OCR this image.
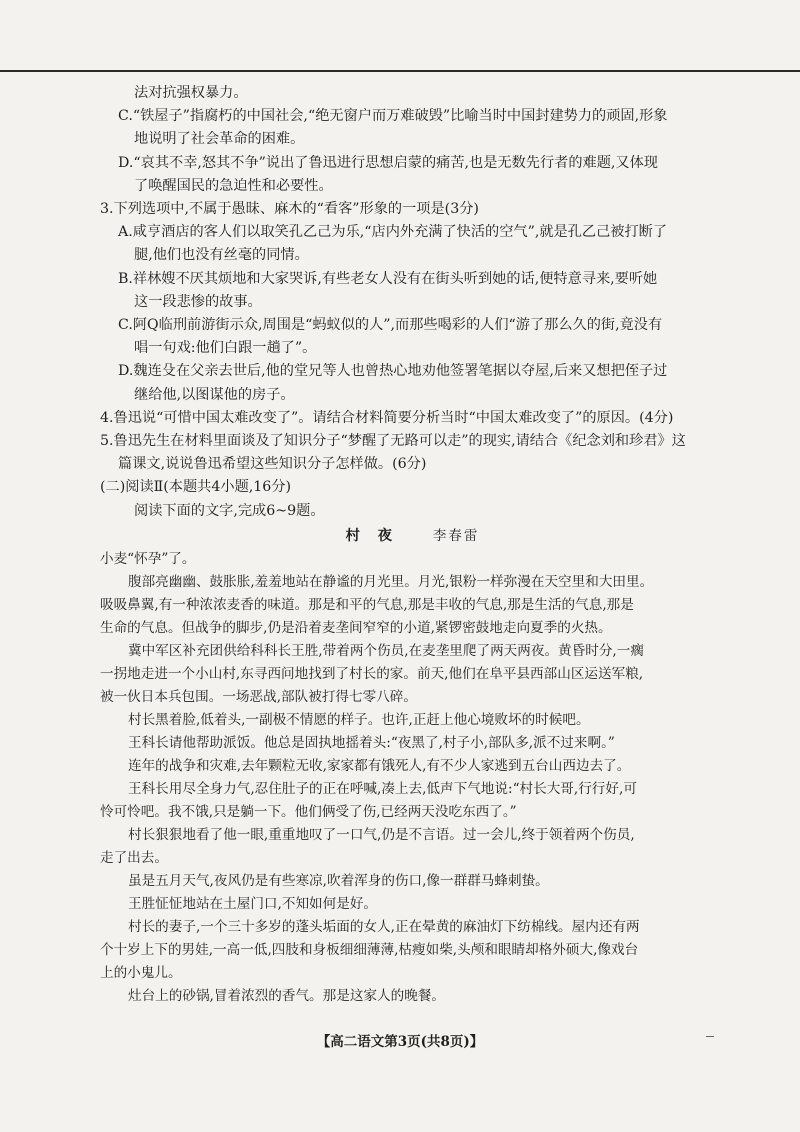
法对抗强权暴力。
C.“铁屋子”指腐朽的中国社会,“绝无窗户而万难破毁”比喻当时中国封建势力的顽固,形象
地说明了社会革命的困难。
D.“哀其不幸,怒其不争”说出了鲁迅进行思想启蒙的痛苦,也是无数先行者的难题,又体现
了唤醒国民的急迫性和必要性。
3.下列选项中,不属于愚昧、麻木的“看客”形象的一项是(3分)
A.咸亨酒店的客人们以取笑孔乙己为乐,“店内外充满了快活的空气”,就是孔乙己被打断了
腿,他们也没有丝毫的同情。
B.祥林嫂不厌其烦地和大家哭诉,有些老女人没有在街头听到她的话,便特意寻来,要听她
这一段悲惨的故事。
C.阿Q临刑前游街示众,周围是“蚂蚁似的人”,而那些喝彩的人们“游了那么久的街,竟没有
唱一句戏:他们白跟一趟了”。
D.魏连殳在父亲去世后,他的堂兄等人也曾热心地劝他签署笔据以夺屋,后来又想把侄子过
继给他,以图谋他的房子。
4.鲁迅说“可惜中国太难改变了”。请结合材料简要分析当时“中国太难改变了”的原因。(4分)
5.鲁迅先生在材料里面谈及了知识分子“梦醒了无路可以走”的现实,请结合《纪念刘和珍君》这
篇课文,说说鲁迅希望这些知识分子怎样做。(6分)
(二)阅读Ⅱ(本题共4小题,16分)
阅读下面的文字,完成6~9题。
村夜 李春雷
小麦“怀孕”了。
腹部亮幽幽、鼓胀胀,羞羞地站在静谧的月光里。月光,银粉一样弥漫在天空里和大田里。
吸吸鼻翼,有一种浓浓麦香的味道。那是和平的气息,那是丰收的气息,那是生活的气息,那是
生命的气息。但战争的脚步,仍是沿着麦垄间窄窄的小道,紧锣密鼓地走向夏季的火热。
冀中军区补充团供给科科长王胜,带着两个伤员,在麦垄里爬了两天两夜。黄昏时分,一瘸
一拐地走进一个小山村,东寻西问地找到了村长的家。前天,他们在阜平县西部山区运送军粮,
被一伙日本兵包围。一场恶战,部队被打得七零八碎。
村长黑着脸,低着头,一副极不情愿的样子。也许,正赶上他心境败坏的时候吧。
王科长请他帮助派饭。他总是固执地摇着头:“夜黑了,村子小,部队多,派不过来啊。”
连年的战争和灾难,去年颗粒无收,家家都有饿死人,有不少人家逃到五台山西边去了。
王科长用尽全身力气,忍住肚子的正在呼喊,凑上去,低声下气地说:“村长大哥,行行好,可
怜可怜吧。我不饿,只是躺一下。他们俩受了伤,已经两天没吃东西了。”
村长狠狠地看了他一眼,重重地叹了一口气,仍是不言语。过一会儿,终于领着两个伤员,
走了出去。
虽是五月天气,夜风仍是有些寒凉,吹着浑身的伤口,像一群群马蜂刺蛰。
王胜怔怔地站在土屋门口,不知如何是好。
村长的妻子,一个三十多岁的蓬头垢面的女人,正在晕黄的麻油灯下纺棉线。屋内还有两
个十岁上下的男娃,一高一低,四肢和身板细细薄薄,枯瘦如柴,头颅和眼睛却格外硕大,像戏台
上的小鬼儿。
灶台上的砂锅,冒着浓烈的香气。那是这家人的晚餐。
【高二语文第3页(共8页)】
